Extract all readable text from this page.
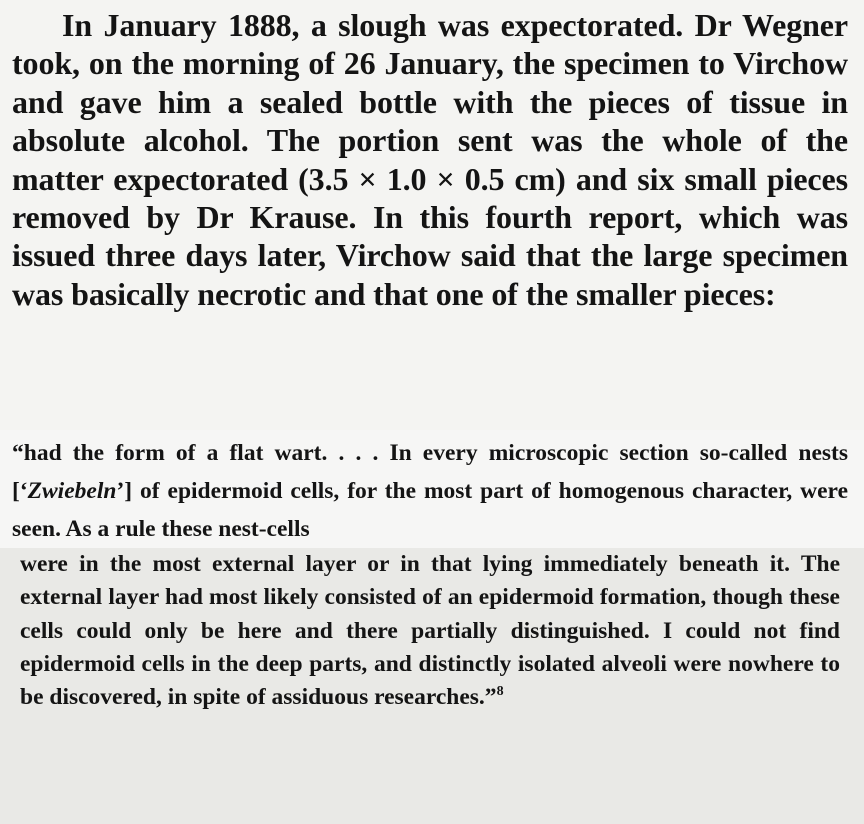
In January 1888, a slough was expectorated. Dr Wegner took, on the morning of 26 January, the specimen to Virchow and gave him a sealed bottle with the pieces of tissue in absolute alcohol. The portion sent was the whole of the matter expectorated (3.5 × 1.0 × 0.5 cm) and six small pieces removed by Dr Krause. In this fourth report, which was issued three days later, Virchow said that the large specimen was basically necrotic and that one of the smaller pieces:

“had the form of a flat wart. . . . In every microscopic section so-called nests [‘Zwiebeln’] of epidermoid cells, for the most part of homogenous character, were seen. As a rule these nest-cells

were in the most external layer or in that lying immediately beneath it. The external layer had most likely consisted of an epidermoid formation, though these cells could only be here and there partially distinguished. I could not find epidermoid cells in the deep parts, and distinctly isolated alveoli were nowhere to be discovered, in spite of assiduous researches.”$^8$
